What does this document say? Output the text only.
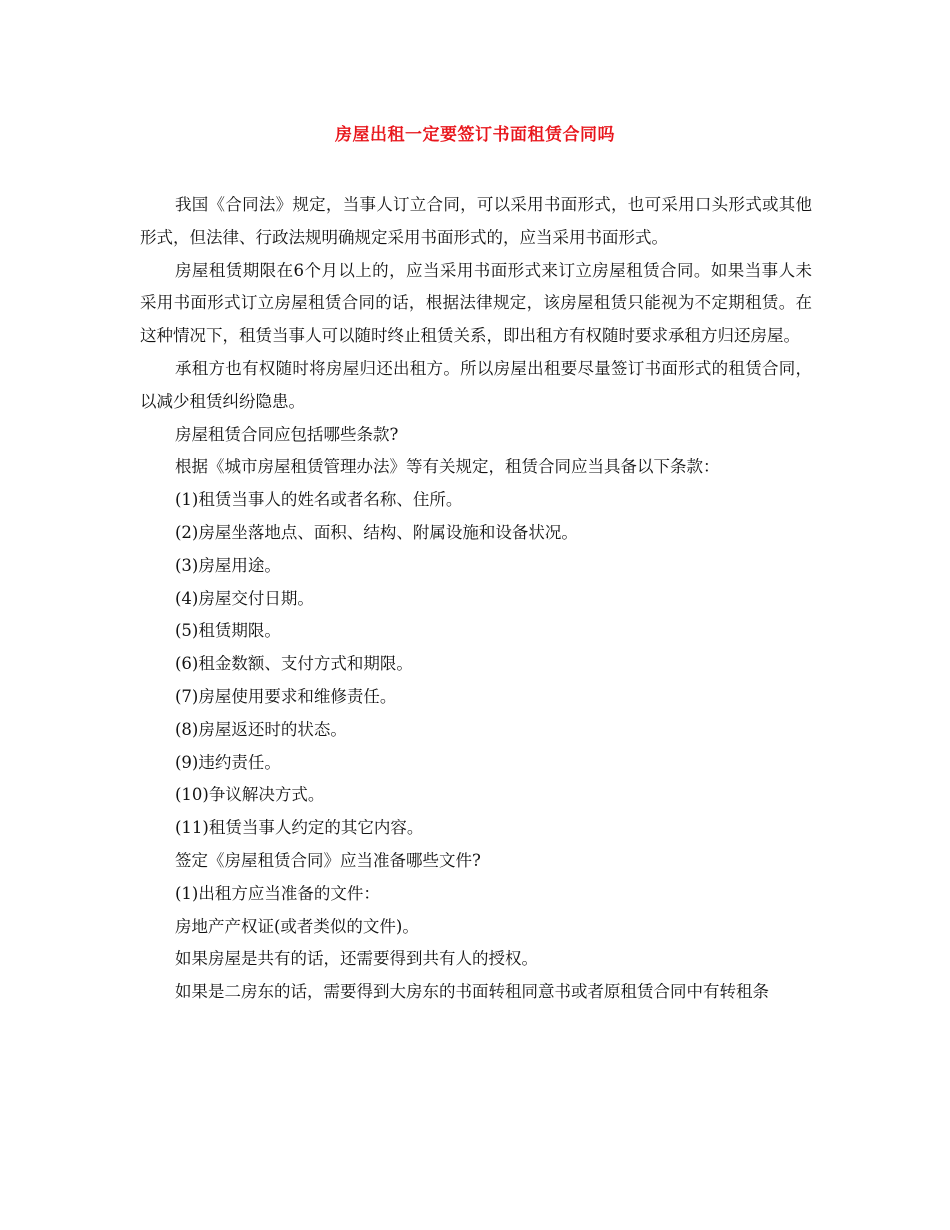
房屋出租一定要签订书面租赁合同吗

我国《合同法》规定，当事人订立合同，可以采用书面形式，也可采用口头形式或其他形式，但法律、行政法规明确规定采用书面形式的，应当采用书面形式。

房屋租赁期限在6个月以上的，应当采用书面形式来订立房屋租赁合同。如果当事人未采用书面形式订立房屋租赁合同的话，根据法律规定，该房屋租赁只能视为不定期租赁。在这种情况下，租赁当事人可以随时终止租赁关系，即出租方有权随时要求承租方归还房屋。

承租方也有权随时将房屋归还出租方。所以房屋出租要尽量签订书面形式的租赁合同，以减少租赁纠纷隐患。

房屋租赁合同应包括哪些条款?

根据《城市房屋租赁管理办法》等有关规定，租赁合同应当具备以下条款：

(1)租赁当事人的姓名或者名称、住所。

(2)房屋坐落地点、面积、结构、附属设施和设备状况。

(3)房屋用途。

(4)房屋交付日期。

(5)租赁期限。

(6)租金数额、支付方式和期限。

(7)房屋使用要求和维修责任。

(8)房屋返还时的状态。

(9)违约责任。

(10)争议解决方式。

(11)租赁当事人约定的其它内容。

签定《房屋租赁合同》应当准备哪些文件?

(1)出租方应当准备的文件：

房地产产权证(或者类似的文件)。

如果房屋是共有的话，还需要得到共有人的授权。

如果是二房东的话，需要得到大房东的书面转租同意书或者原租赁合同中有转租条
